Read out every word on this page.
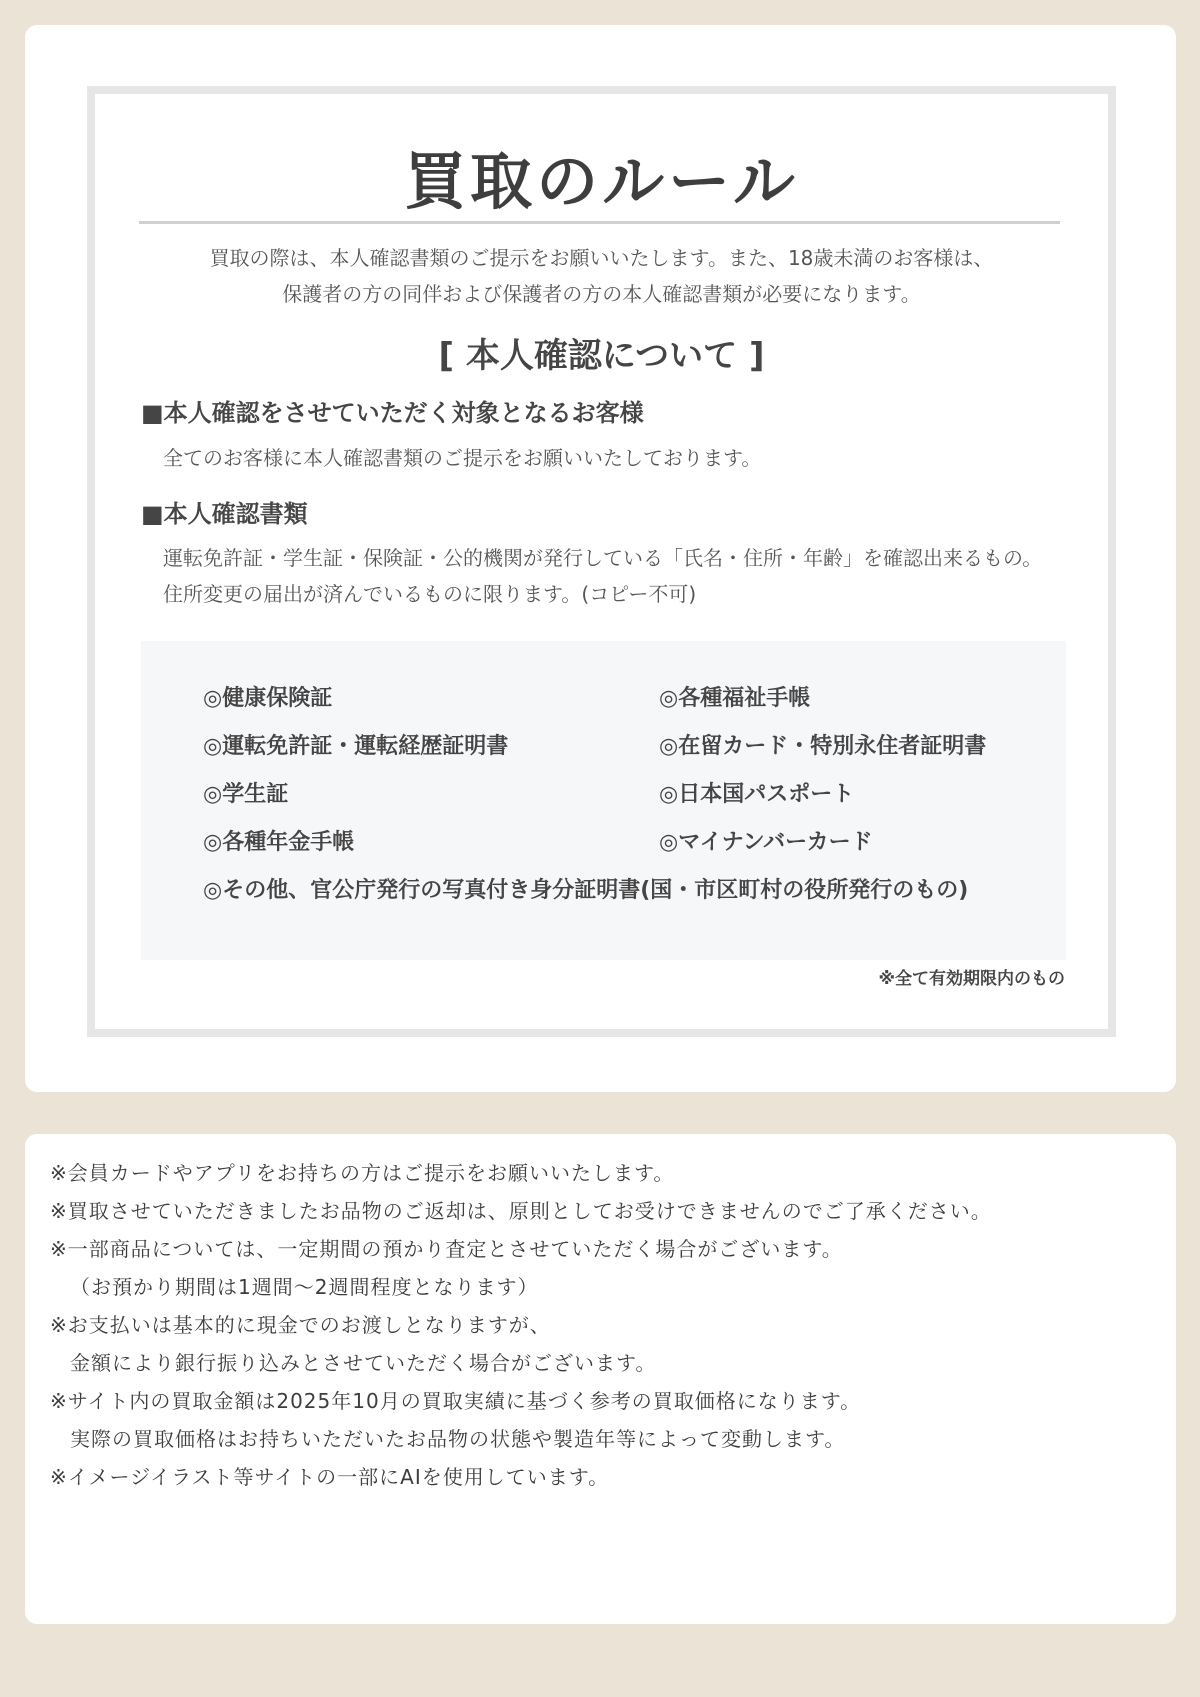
買取のルール

買取の際は、本人確認書類のご提示をお願いいたします。また、18歳未満のお客様は、

保護者の方の同伴および保護者の方の本人確認書類が必要になります。

[ 本人確認について ]
■本人確認をさせていただく対象となるお客様

全てのお客様に本人確認書類のご提示をお願いいたしております。

■本人確認書類

運転免許証・学生証・保険証・公的機関が発行している「氏名・住所・年齢」を確認出来るもの。

住所変更の届出が済んでいるものに限ります。(コピー不可)

◎健康保険証	◎各種福祉手帳
◎運転免許証・運転経歴証明書	◎在留カード・特別永住者証明書
◎学生証	◎日本国パスポート
◎各種年金手帳	◎マイナンバーカード
◎その他、官公庁発行の写真付き身分証明書(国・市区町村の役所発行のもの)
※全て有効期限内のもの

※会員カードやアプリをお持ちの方はご提示をお願いいたします。

※買取させていただきましたお品物のご返却は、原則としてお受けできませんのでご了承ください。

※一部商品については、一定期間の預かり査定とさせていただく場合がございます。

（お預かり期間は1週間～2週間程度となります）

※お支払いは基本的に現金でのお渡しとなりますが、

金額により銀行振り込みとさせていただく場合がございます。

※サイト内の買取金額は2025年10月の買取実績に基づく参考の買取価格になります。

実際の買取価格はお持ちいただいたお品物の状態や製造年等によって変動します。

※イメージイラスト等サイトの一部にAIを使用しています。
